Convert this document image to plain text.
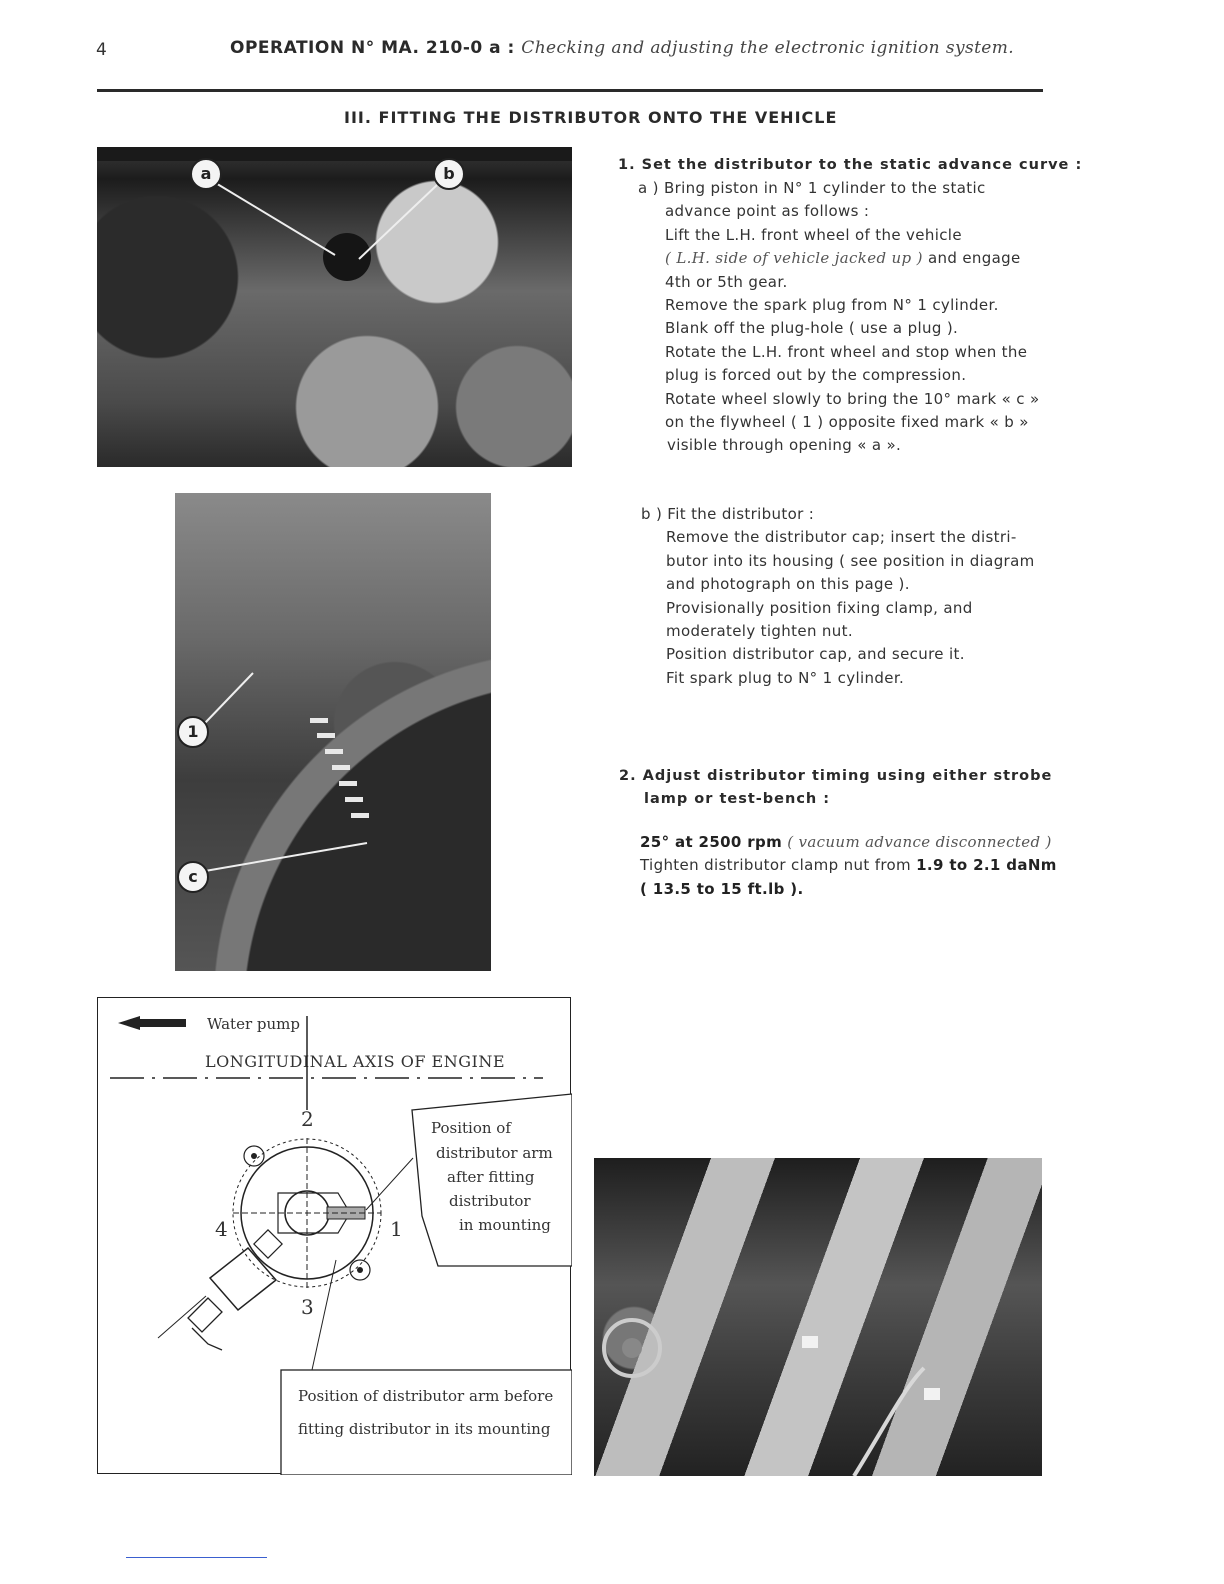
4	OPERATION N° MA. 210-0 a : Checking and adjusting the electronic ignition system.
III. FITTING THE DISTRIBUTOR ONTO THE VEHICLE
a	b
1
c
1. Set the distributor to the static advance curve :

a ) Bring piston in N° 1 cylinder to the static

advance point as follows :

Lift the L.H. front wheel of the vehicle

( L.H. side of vehicle jacked up ) and engage

4th or 5th gear.

Remove the spark plug from N° 1 cylinder.

Blank off the plug-hole ( use a plug ).

Rotate the L.H. front wheel and stop when the

plug is forced out by the compression.

Rotate wheel slowly to bring the 10° mark « c »

on the flywheel ( 1 ) opposite fixed mark « b »

visible through opening « a ».

b ) Fit the distributor :

Remove the distributor cap; insert the distri-

butor into its housing ( see position in diagram

and photograph on this page ).

Provisionally position fixing clamp, and

moderately tighten nut.

Position distributor cap, and secure it.

Fit spark plug to N° 1 cylinder.

2. Adjust distributor timing using either strobe
lamp or test-bench :

25° at 2500 rpm ( vacuum advance disconnected )

Tighten distributor clamp nut from 1.9 to 2.1 daNm

( 13.5 to 15 ft.lb ).

Water pump
LONGITUDINAL AXIS OF ENGINE
2
4	1
3
Position of
distributor arm
after fitting
distributor
in mounting
Position of distributor arm before
fitting distributor in its mounting
